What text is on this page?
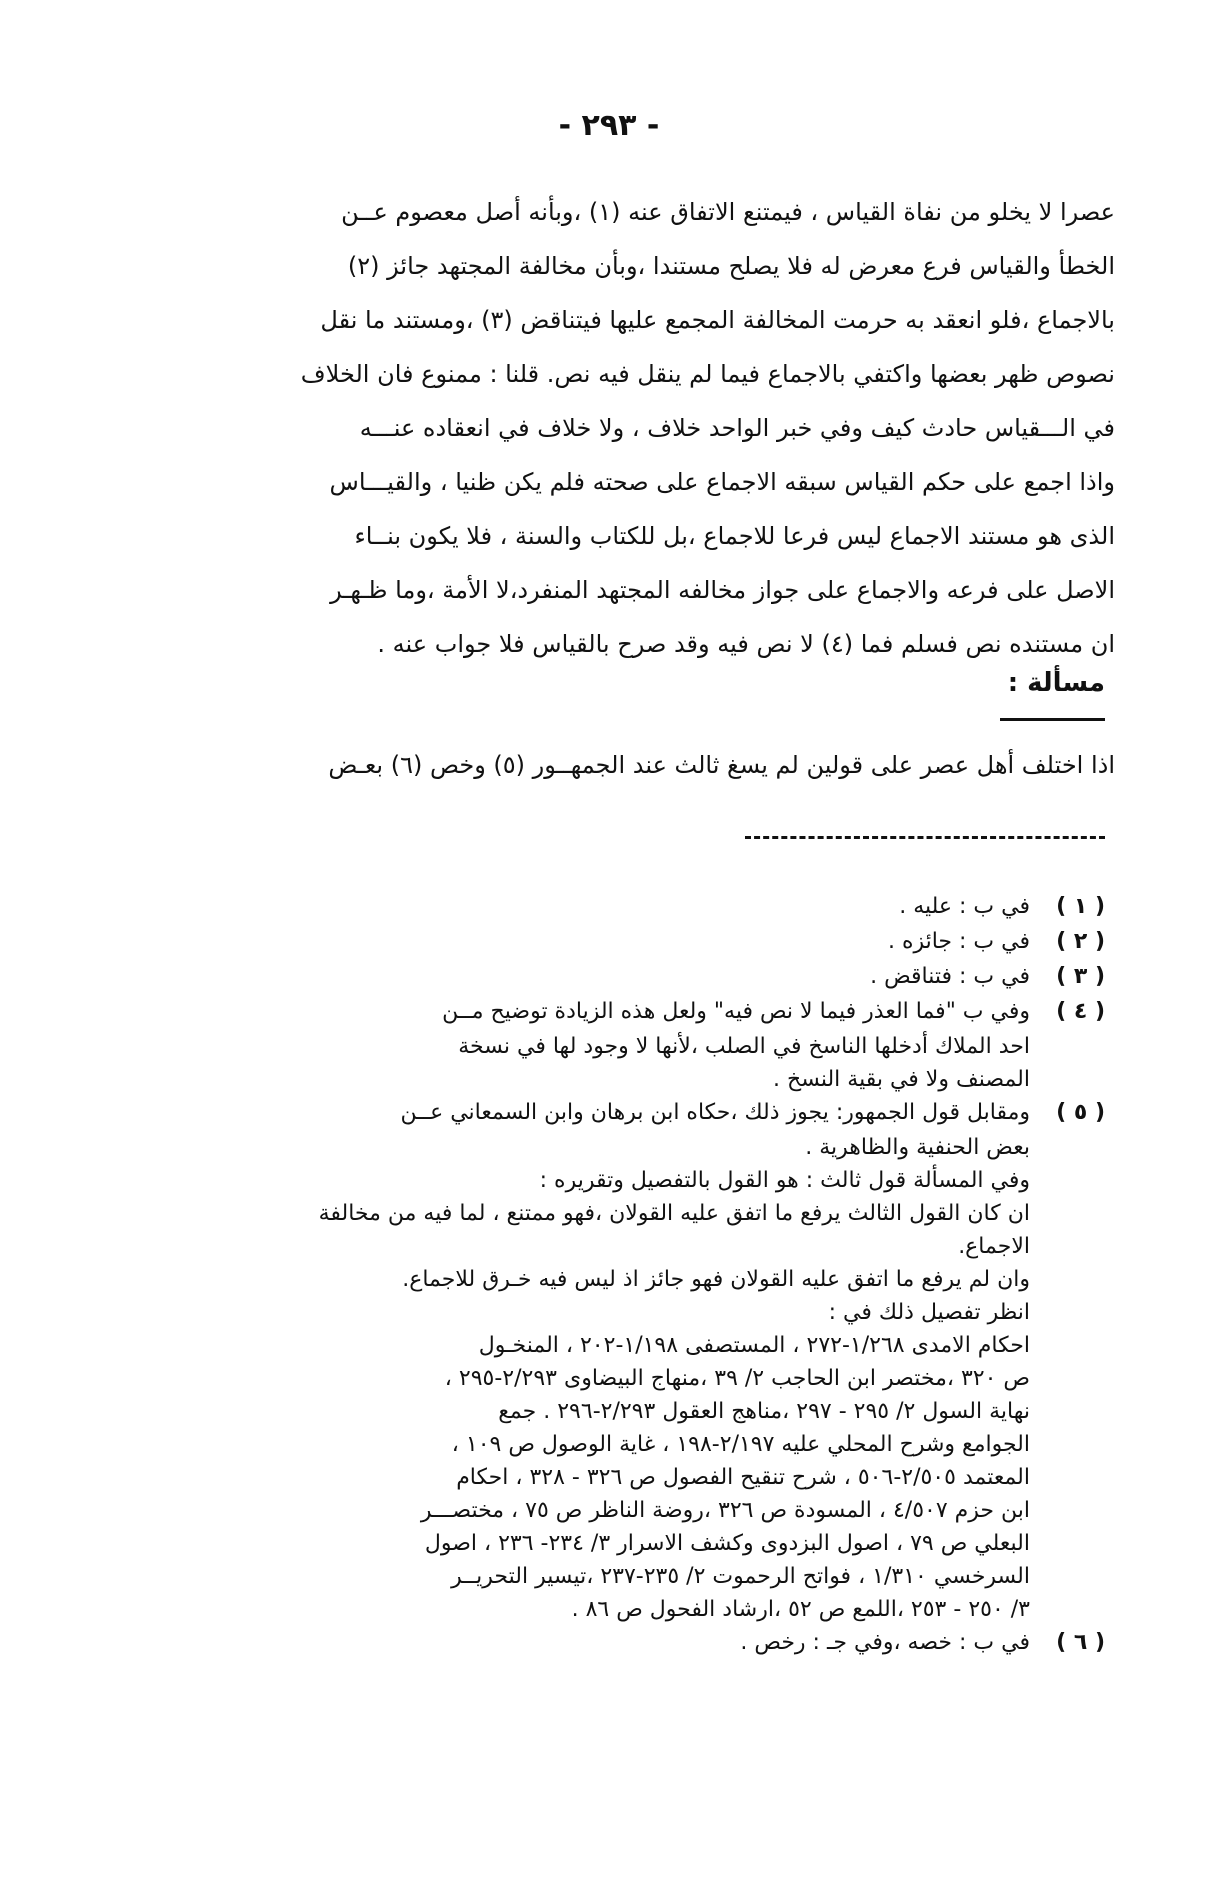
- ٢٩٣ -

عصرا لا يخلو من نفاة القياس ، فيمتنع الاتفاق عنه (١) ،وبأنه أصل معصوم عــن

الخطأ والقياس فرع معرض له فلا يصلح مستندا ،وبأن مخالفة المجتهد جائز (٢)

بالاجماع ،فلو انعقد به حرمت المخالفة المجمع عليها فيتناقض (٣) ،ومستند ما نقل

نصوص ظهر بعضها واكتفي بالاجماع فيما لم ينقل فيه نص. قلنا : ممنوع فان الخلاف

في الـــقياس حادث كيف وفي خبر الواحد خلاف ، ولا خلاف في انعقاده عنـــه

واذا اجمع على حكم القياس سبقه الاجماع على صحته فلم يكن ظنيا ، والقيـــاس

الذى هو مستند الاجماع ليس فرعا للاجماع ،بل للكتاب والسنة ، فلا يكون بنــاء

الاصل على فرعه والاجماع على جواز مخالفه المجتهد المنفرد،لا الأمة ،وما ظـهـر

ان مستنده نص فسلم فما (٤) لا نص فيه وقد صرح بالقياس فلا جواب عنه .

مسألة :
اذا اختلف أهل عصر على قولين لم يسغ ثالث عند الجمهــور (٥) وخص (٦) بعـض
( ١ )
في ب : عليه .
( ٢ )
في ب : جائزه .
( ٣ )
في ب : فتناقض .
( ٤ )
وفي ب "فما العذر فيما لا نص فيه" ولعل هذه الزيادة توضيح مــن
احد الملاك أدخلها الناسخ في الصلب ،لأنها لا وجود لها في نسخة
المصنف ولا في بقية النسخ .
( ٥ )
ومقابل قول الجمهور: يجوز ذلك ،حكاه ابن برهان وابن السمعاني عــن
بعض الحنفية والظاهرية .
وفي المسألة قول ثالث : هو القول بالتفصيل وتقريره :
ان كان القول الثالث يرفع ما اتفق عليه القولان ،فهو ممتنع ، لما فيه من مخالفة
الاجماع.
وان لم يرفع ما اتفق عليه القولان فهو جائز اذ ليس فيه خـرق للاجماع.
انظر تفصيل ذلك في :
احكام الامدى ١/٢٦٨-٢٧٢ ، المستصفى ١/١٩٨-٢٠٢ ، المنخـول
ص ٣٢٠ ،مختصر ابن الحاجب ٢/ ٣٩ ،منهاج البيضاوى ٢/٢٩٣-٢٩٥ ،
نهاية السول ٢/ ٢٩٥ - ٢٩٧ ،مناهج العقول ٢/٢٩٣-٢٩٦ . جمع
الجوامع وشرح المحلي عليه ٢/١٩٧-١٩٨ ، غاية الوصول ص ١٠٩ ،
المعتمد ٢/٥٠٥-٥٠٦ ، شرح تنقيح الفصول ص ٣٢٦ - ٣٢٨ ، احكام
ابن حزم ٤/٥٠٧ ، المسودة ص ٣٢٦ ،روضة الناظر ص ٧٥ ، مختصـــر
البعلي ص ٧٩ ، اصول البزدوى وكشف الاسرار ٣/ ٢٣٤- ٢٣٦ ، اصول
السرخسي ١/٣١٠ ، فواتح الرحموت ٢/ ٢٣٥-٢٣٧ ،تيسير التحريــر
٣/ ٢٥٠ - ٢٥٣ ،اللمع ص ٥٢ ،ارشاد الفحول ص ٨٦ .
( ٦ )
في ب : خصه ،وفي جـ : رخص .
